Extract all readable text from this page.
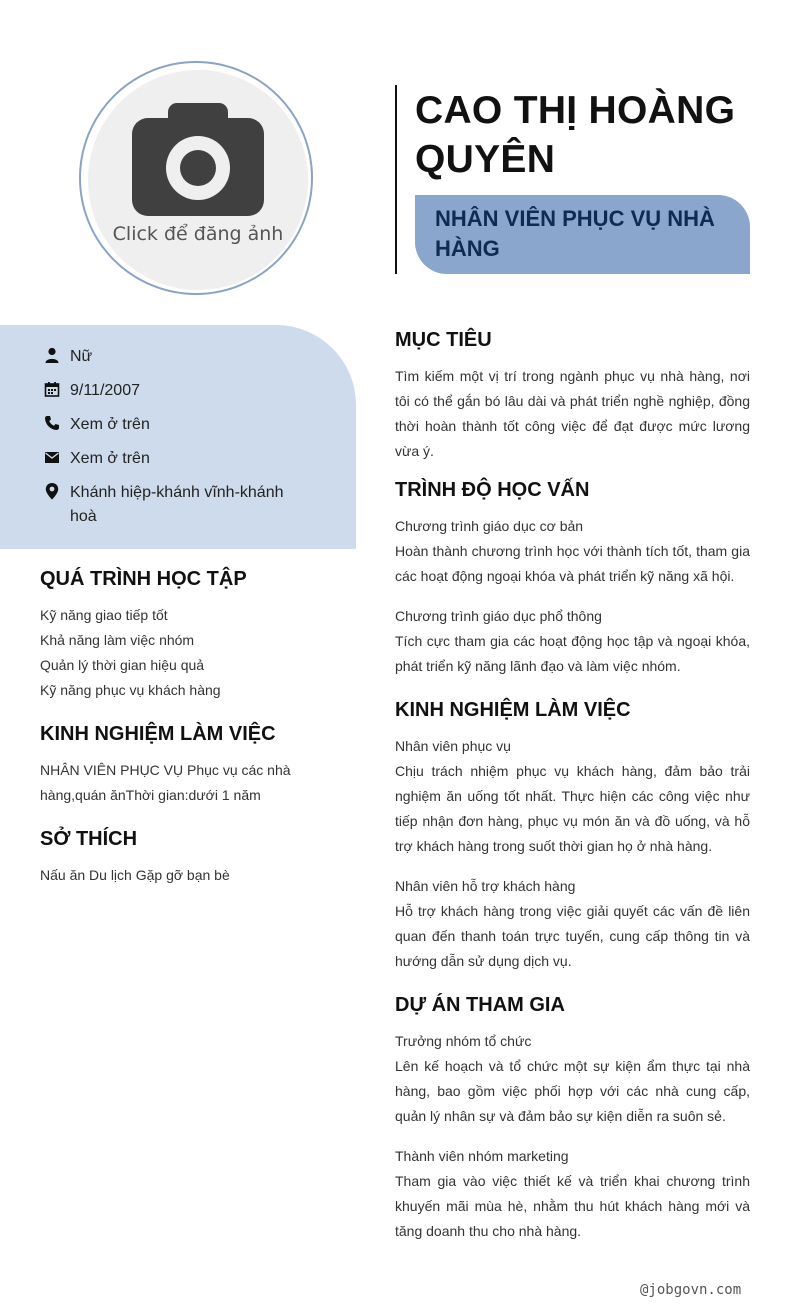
Click để đăng ảnh
CAO THỊ HOÀNG QUYÊN
NHÂN VIÊN PHỤC VỤ NHÀ HÀNG
Nữ
9/11/2007
Xem ở trên
Xem ở trên
Khánh hiệp-khánh vĩnh-khánh hoà
QUÁ TRÌNH HỌC TẬP
Kỹ năng giao tiếp tốt
Khả năng làm việc nhóm
Quản lý thời gian hiệu quả
Kỹ năng phục vụ khách hàng
KINH NGHIỆM LÀM VIỆC
NHÂN VIÊN PHỤC VỤ Phục vụ các nhà hàng,quán ănThời gian:dưới 1 năm
SỞ THÍCH
Nấu ăn Du lịch Gặp gỡ bạn bè
MỤC TIÊU
Tìm kiếm một vị trí trong ngành phục vụ nhà hàng, nơi tôi có thể gắn bó lâu dài và phát triển nghề nghiệp, đồng thời hoàn thành tốt công việc để đạt được mức lương vừa ý.
TRÌNH ĐỘ HỌC VẤN
Chương trình giáo dục cơ bản
Hoàn thành chương trình học với thành tích tốt, tham gia các hoạt động ngoại khóa và phát triển kỹ năng xã hội.
Chương trình giáo dục phổ thông
Tích cực tham gia các hoạt động học tập và ngoại khóa, phát triển kỹ năng lãnh đạo và làm việc nhóm.
KINH NGHIỆM LÀM VIỆC
Nhân viên phục vụ
Chịu trách nhiệm phục vụ khách hàng, đảm bảo trải nghiệm ăn uống tốt nhất. Thực hiện các công việc như tiếp nhận đơn hàng, phục vụ món ăn và đồ uống, và hỗ trợ khách hàng trong suốt thời gian họ ở nhà hàng.
Nhân viên hỗ trợ khách hàng
Hỗ trợ khách hàng trong việc giải quyết các vấn đề liên quan đến thanh toán trực tuyến, cung cấp thông tin và hướng dẫn sử dụng dịch vụ.
DỰ ÁN THAM GIA
Trưởng nhóm tổ chức
Lên kế hoạch và tổ chức một sự kiện ẩm thực tại nhà hàng, bao gồm việc phối hợp với các nhà cung cấp, quản lý nhân sự và đảm bảo sự kiện diễn ra suôn sẻ.
Thành viên nhóm marketing
Tham gia vào việc thiết kế và triển khai chương trình khuyến mãi mùa hè, nhằm thu hút khách hàng mới và tăng doanh thu cho nhà hàng.
@jobgovn.com
